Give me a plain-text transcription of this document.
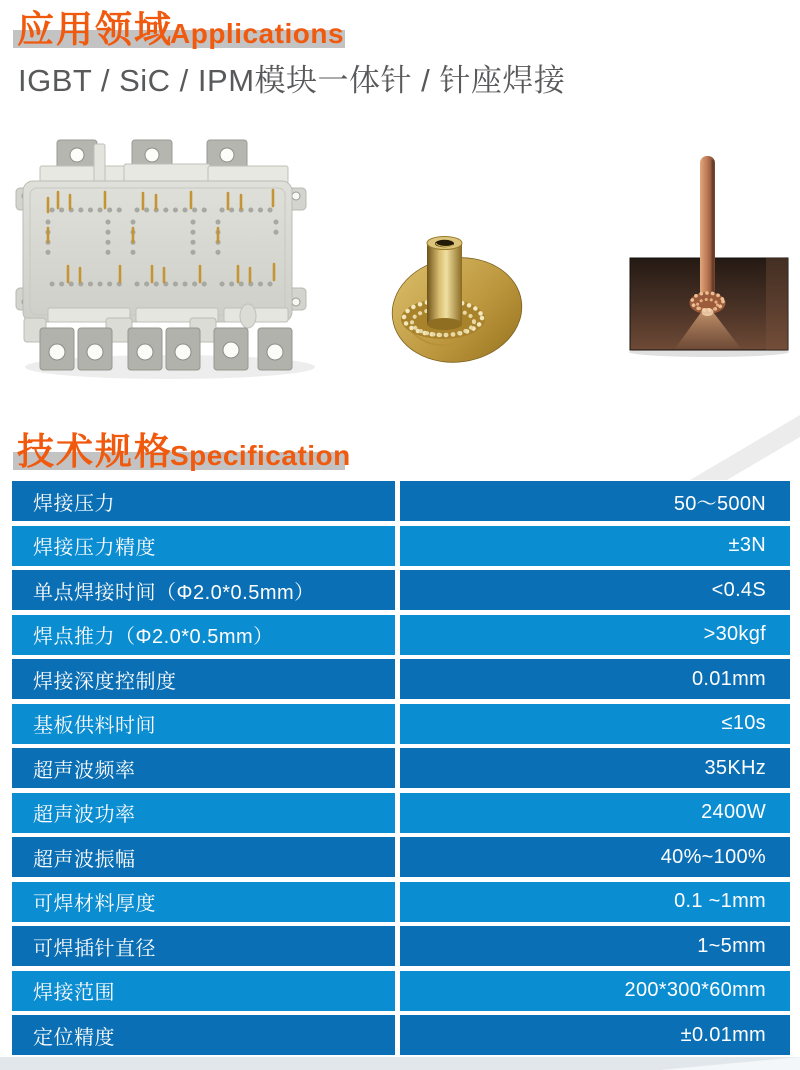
应用领域
Applications
IGBT / SiC / IPM模块一体针 / 针座焊接
技术规格
Specification
焊接压力	50～500N
焊接压力精度	±3N
单点焊接时间（Φ2.0*0.5mm）	<0.4S
焊点推力（Φ2.0*0.5mm）	>30kgf
焊接深度控制度	0.01mm
基板供料时间	≤10s
超声波频率	35KHz
超声波功率	2400W
超声波振幅	40%~100%
可焊材料厚度	0.1 ~1mm
可焊插针直径	1~5mm
焊接范围	200*300*60mm
定位精度	±0.01mm
